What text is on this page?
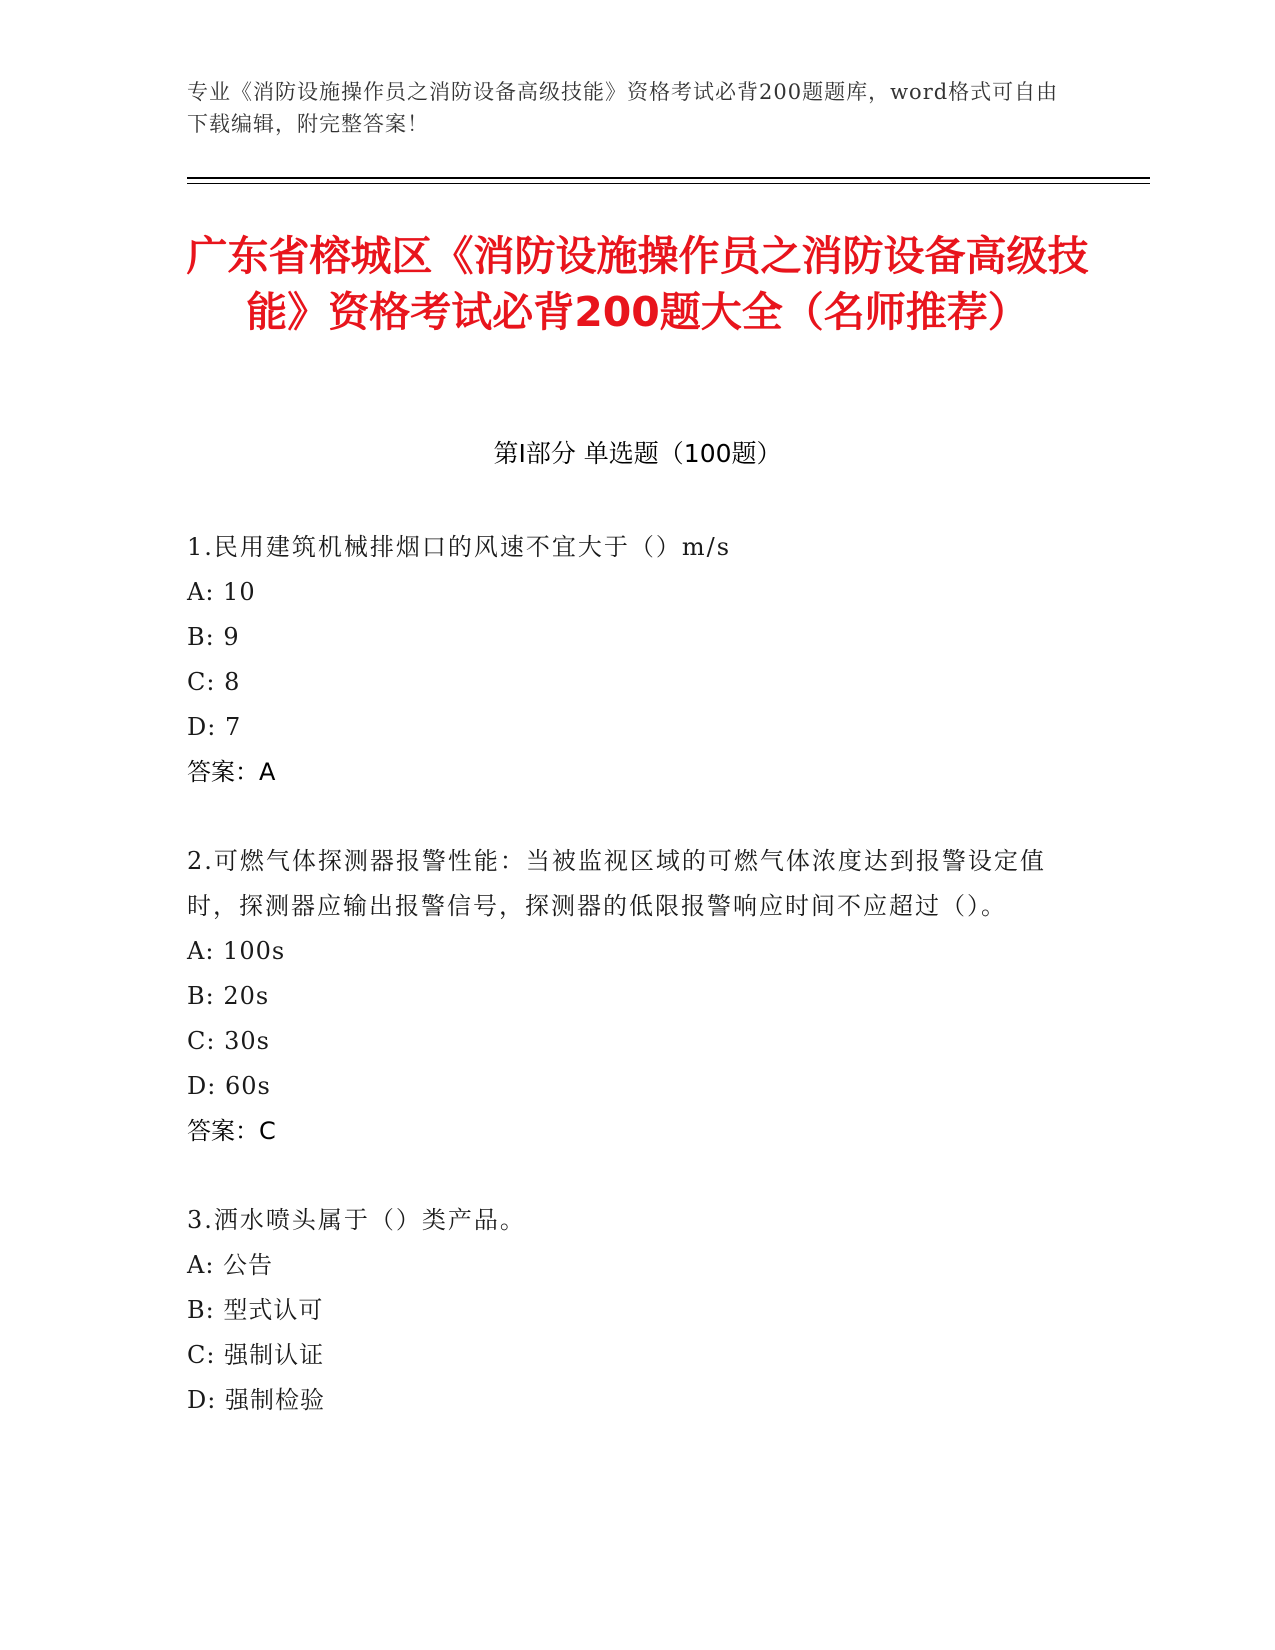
专业《消防设施操作员之消防设备高级技能》资格考试必背200题题库，word格式可自由下载编辑，附完整答案！
广东省榕城区《消防设施操作员之消防设备高级技能》资格考试必背200题大全（名师推荐）
第I部分 单选题（100题）
1.民用建筑机械排烟口的风速不宜大于（）m/s
A: 10
B: 9
C: 8
D: 7
答案：A
2.可燃气体探测器报警性能：当被监视区域的可燃气体浓度达到报警设定值时，探测器应输出报警信号，探测器的低限报警响应时间不应超过（）。
A: 100s
B: 20s
C: 30s
D: 60s
答案：C
3.洒水喷头属于（）类产品。
A: 公告
B: 型式认可
C: 强制认证
D: 强制检验
